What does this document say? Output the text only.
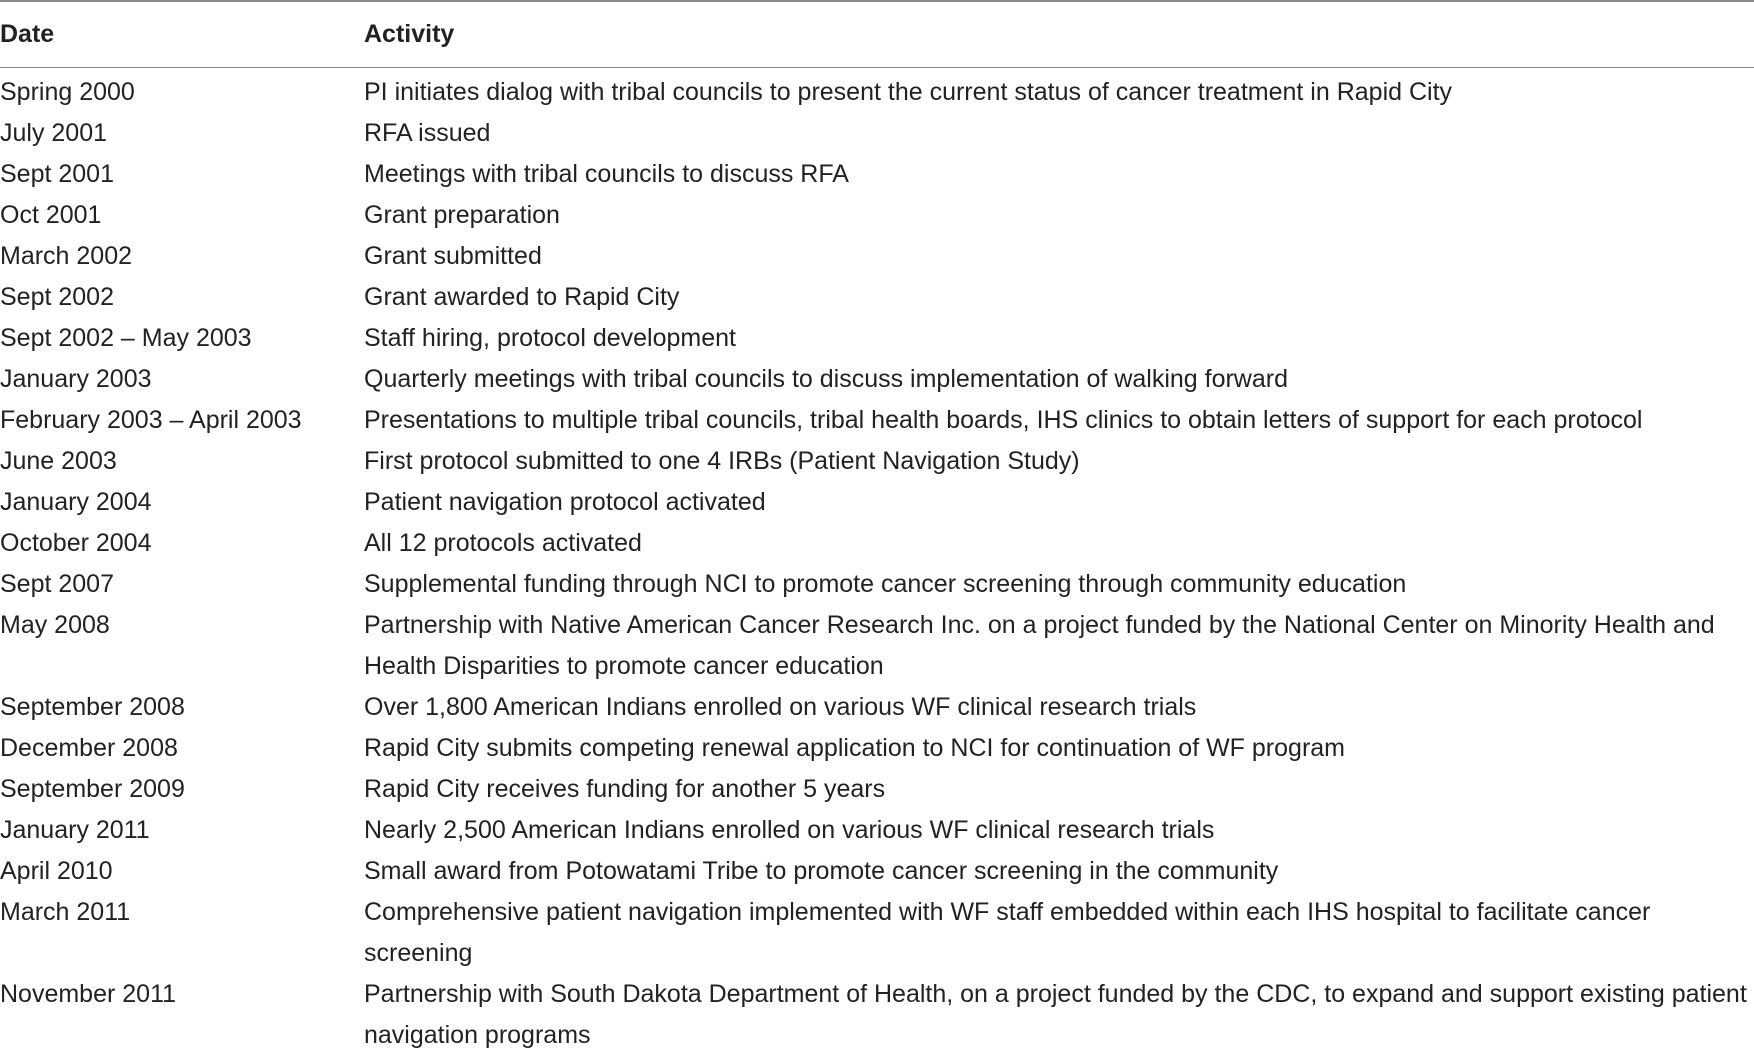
Date	Activity
Spring 2000	PI initiates dialog with tribal councils to present the current status of cancer treatment in Rapid City
July 2001	RFA issued
Sept 2001	Meetings with tribal councils to discuss RFA
Oct 2001	Grant preparation
March 2002	Grant submitted
Sept 2002	Grant awarded to Rapid City
Sept 2002 – May 2003	Staff hiring, protocol development
January 2003	Quarterly meetings with tribal councils to discuss implementation of walking forward
February 2003 – April 2003	Presentations to multiple tribal councils, tribal health boards, IHS clinics to obtain letters of support for each protocol
June 2003	First protocol submitted to one 4 IRBs (Patient Navigation Study)
January 2004	Patient navigation protocol activated
October 2004	All 12 protocols activated
Sept 2007	Supplemental funding through NCI to promote cancer screening through community education
May 2008	Partnership with Native American Cancer Research Inc. on a project funded by the National Center on Minority Health and Health Disparities to promote cancer education
September 2008	Over 1,800 American Indians enrolled on various WF clinical research trials
December 2008	Rapid City submits competing renewal application to NCI for continuation of WF program
September 2009	Rapid City receives funding for another 5 years
January 2011	Nearly 2,500 American Indians enrolled on various WF clinical research trials
April 2010	Small award from Potowatami Tribe to promote cancer screening in the community
March 2011	Comprehensive patient navigation implemented with WF staff embedded within each IHS hospital to facilitate cancer screening
November 2011	Partnership with South Dakota Department of Health, on a project funded by the CDC, to expand and support existing patient navigation programs
